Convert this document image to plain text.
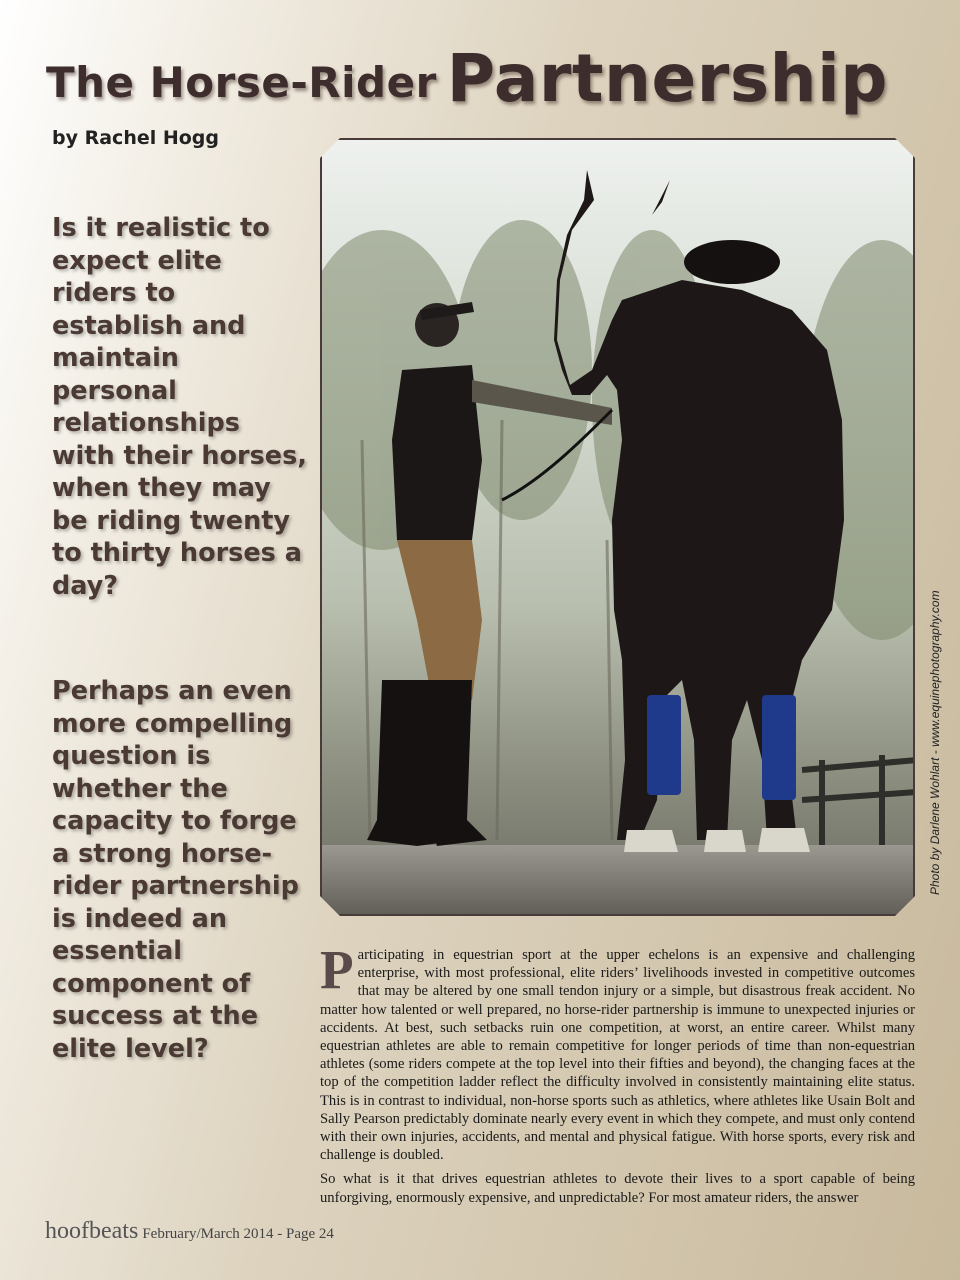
The Horse-Rider Partnership
by Rachel Hogg

Is it realistic to expect elite riders to establish and maintain personal relationships with their horses, when they may be riding twenty to thirty horses a day?

Perhaps an even more compelling question is whether the capacity to forge a strong horse-rider partnership is indeed an essential component of success at the elite level?

Photo by Darlene Wohlart - www.equinephotography.com

Participating in equestrian sport at the upper echelons is an expensive and challenging enterprise, with most professional, elite riders’ livelihoods invested in competitive outcomes that may be altered by one small tendon injury or a simple, but disastrous freak accident. No matter how talented or well prepared, no horse-rider partnership is immune to unexpected injuries or accidents. At best, such setbacks ruin one competition, at worst, an entire career. Whilst many equestrian athletes are able to remain competitive for longer periods of time than non-equestrian athletes (some riders compete at the top level into their fifties and beyond), the changing faces at the top of the competition ladder reflect the difficulty involved in consistently maintaining elite status. This is in contrast to individual, non-horse sports such as athletics, where athletes like Usain Bolt and Sally Pearson predictably dominate nearly every event in which they compete, and must only contend with their own injuries, accidents, and mental and physical fatigue. With horse sports, every risk and challenge is doubled.

So what is it that drives equestrian athletes to devote their lives to a sport capable of being unforgiving, enormously expensive, and unpredictable? For most amateur riders, the answer

hoofbeats February/March 2014 - Page 24
